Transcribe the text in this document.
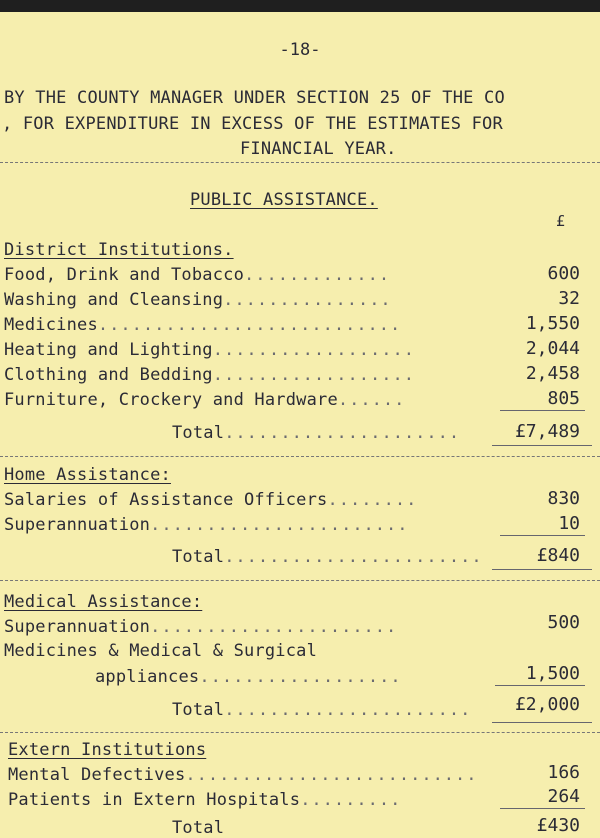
-18-
BY THE COUNTY MANAGER UNDER SECTION 25 OF THE CO
, FOR EXPENDITURE IN EXCESS OF THE ESTIMATES FOR
FINANCIAL YEAR.
PUBLIC ASSISTANCE.
£
District Institutions.
Food, Drink and Tobacco.............	600
Washing and Cleansing...............	32
Medicines...........................	1,550
Heating and Lighting..................	2,044
Clothing and Bedding..................	2,458
Furniture, Crockery and Hardware......	805
Total.....................	£7,489
Home Assistance:
Salaries of Assistance Officers........	830
Superannuation.......................	10
Total.......................	£840
Medical Assistance:
Superannuation......................	500
Medicines & Medical & Surgical
appliances..................	1,500
Total......................	£2,000
Extern Institutions
Mental Defectives..........................	166
Patients in Extern Hospitals.........	264
Total	£430
